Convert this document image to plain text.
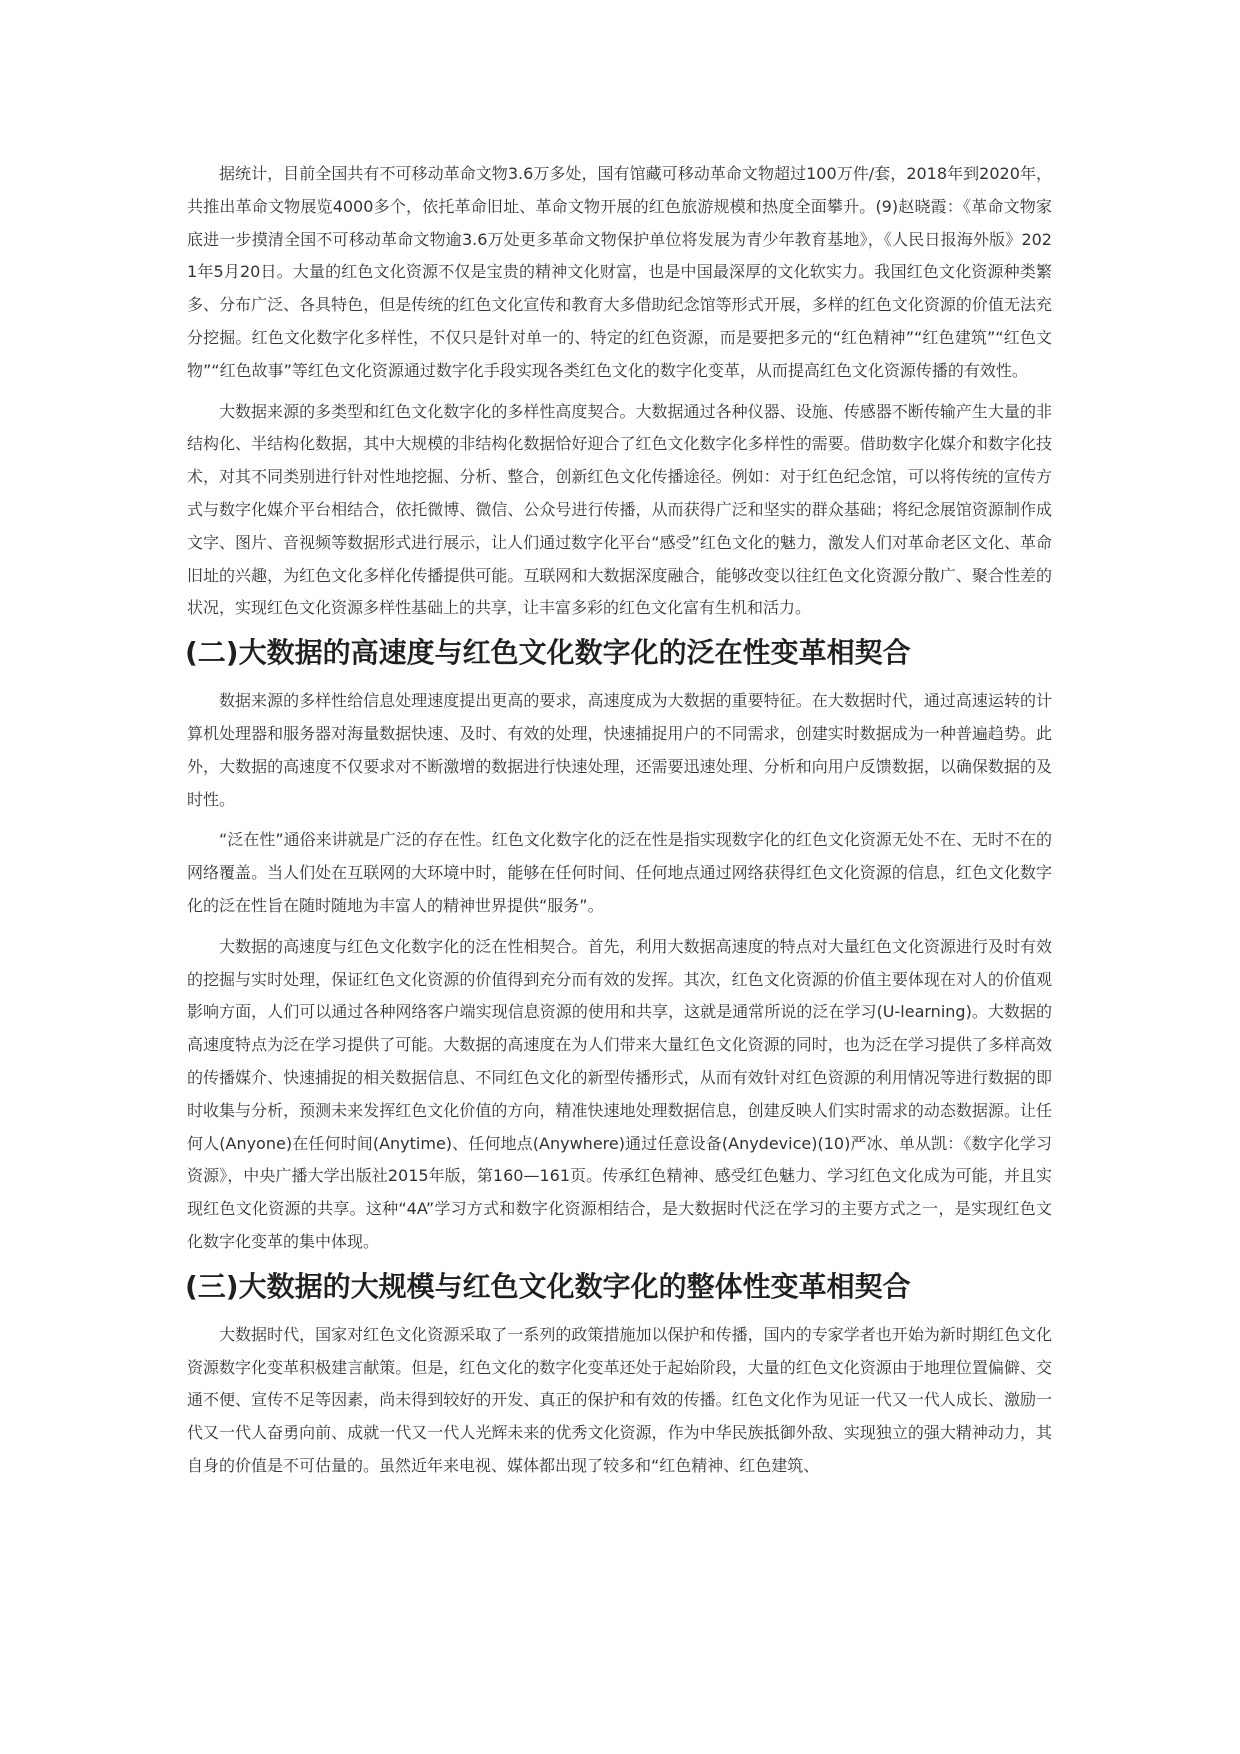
据统计，目前全国共有不可移动革命文物3.6万多处，国有馆藏可移动革命文物超过100万件/套，2018年到2020年，共推出革命文物展览4000多个，依托革命旧址、革命文物开展的红色旅游规模和热度全面攀升。(9)赵晓霞：《革命文物家底进一步摸清全国不可移动革命文物逾3.6万处更多革命文物保护单位将发展为青少年教育基地》，《人民日报海外版》2021年5月20日。大量的红色文化资源不仅是宝贵的精神文化财富，也是中国最深厚的文化软实力。我国红色文化资源种类繁多、分布广泛、各具特色，但是传统的红色文化宣传和教育大多借助纪念馆等形式开展，多样的红色文化资源的价值无法充分挖掘。红色文化数字化多样性，不仅只是针对单一的、特定的红色资源，而是要把多元的“红色精神”“红色建筑”“红色文物”“红色故事”等红色文化资源通过数字化手段实现各类红色文化的数字化变革，从而提高红色文化资源传播的有效性。

大数据来源的多类型和红色文化数字化的多样性高度契合。大数据通过各种仪器、设施、传感器不断传输产生大量的非结构化、半结构化数据，其中大规模的非结构化数据恰好迎合了红色文化数字化多样性的需要。借助数字化媒介和数字化技术，对其不同类别进行针对性地挖掘、分析、整合，创新红色文化传播途径。例如：对于红色纪念馆，可以将传统的宣传方式与数字化媒介平台相结合，依托微博、微信、公众号进行传播，从而获得广泛和坚实的群众基础；将纪念展馆资源制作成文字、图片、音视频等数据形式进行展示，让人们通过数字化平台“感受”红色文化的魅力，激发人们对革命老区文化、革命旧址的兴趣，为红色文化多样化传播提供可能。互联网和大数据深度融合，能够改变以往红色文化资源分散广、聚合性差的状况，实现红色文化资源多样性基础上的共享，让丰富多彩的红色文化富有生机和活力。

(二)大数据的高速度与红色文化数字化的泛在性变革相契合

数据来源的多样性给信息处理速度提出更高的要求，高速度成为大数据的重要特征。在大数据时代，通过高速运转的计算机处理器和服务器对海量数据快速、及时、有效的处理，快速捕捉用户的不同需求，创建实时数据成为一种普遍趋势。此外，大数据的高速度不仅要求对不断激增的数据进行快速处理，还需要迅速处理、分析和向用户反馈数据，以确保数据的及时性。

“泛在性”通俗来讲就是广泛的存在性。红色文化数字化的泛在性是指实现数字化的红色文化资源无处不在、无时不在的网络覆盖。当人们处在互联网的大环境中时，能够在任何时间、任何地点通过网络获得红色文化资源的信息，红色文化数字化的泛在性旨在随时随地为丰富人的精神世界提供“服务”。

大数据的高速度与红色文化数字化的泛在性相契合。首先，利用大数据高速度的特点对大量红色文化资源进行及时有效的挖掘与实时处理，保证红色文化资源的价值得到充分而有效的发挥。其次，红色文化资源的价值主要体现在对人的价值观影响方面，人们可以通过各种网络客户端实现信息资源的使用和共享，这就是通常所说的泛在学习(U-learning)。大数据的高速度特点为泛在学习提供了可能。大数据的高速度在为人们带来大量红色文化资源的同时，也为泛在学习提供了多样高效的传播媒介、快速捕捉的相关数据信息、不同红色文化的新型传播形式，从而有效针对红色资源的利用情况等进行数据的即时收集与分析，预测未来发挥红色文化价值的方向，精准快速地处理数据信息，创建反映人们实时需求的动态数据源。让任何人(Anyone)在任何时间(Anytime)、任何地点(Anywhere)通过任意设备(Anydevice)(10)严冰、单从凯：《数字化学习资源》，中央广播大学出版社2015年版，第160—161页。传承红色精神、感受红色魅力、学习红色文化成为可能，并且实现红色文化资源的共享。这种“4A”学习方式和数字化资源相结合，是大数据时代泛在学习的主要方式之一，是实现红色文化数字化变革的集中体现。

(三)大数据的大规模与红色文化数字化的整体性变革相契合

大数据时代，国家对红色文化资源采取了一系列的政策措施加以保护和传播，国内的专家学者也开始为新时期红色文化资源数字化变革积极建言献策。但是，红色文化的数字化变革还处于起始阶段，大量的红色文化资源由于地理位置偏僻、交通不便、宣传不足等因素，尚未得到较好的开发、真正的保护和有效的传播。红色文化作为见证一代又一代人成长、激励一代又一代人奋勇向前、成就一代又一代人光辉未来的优秀文化资源，作为中华民族抵御外敌、实现独立的强大精神动力，其自身的价值是不可估量的。虽然近年来电视、媒体都出现了较多和“红色精神、红色建筑、
